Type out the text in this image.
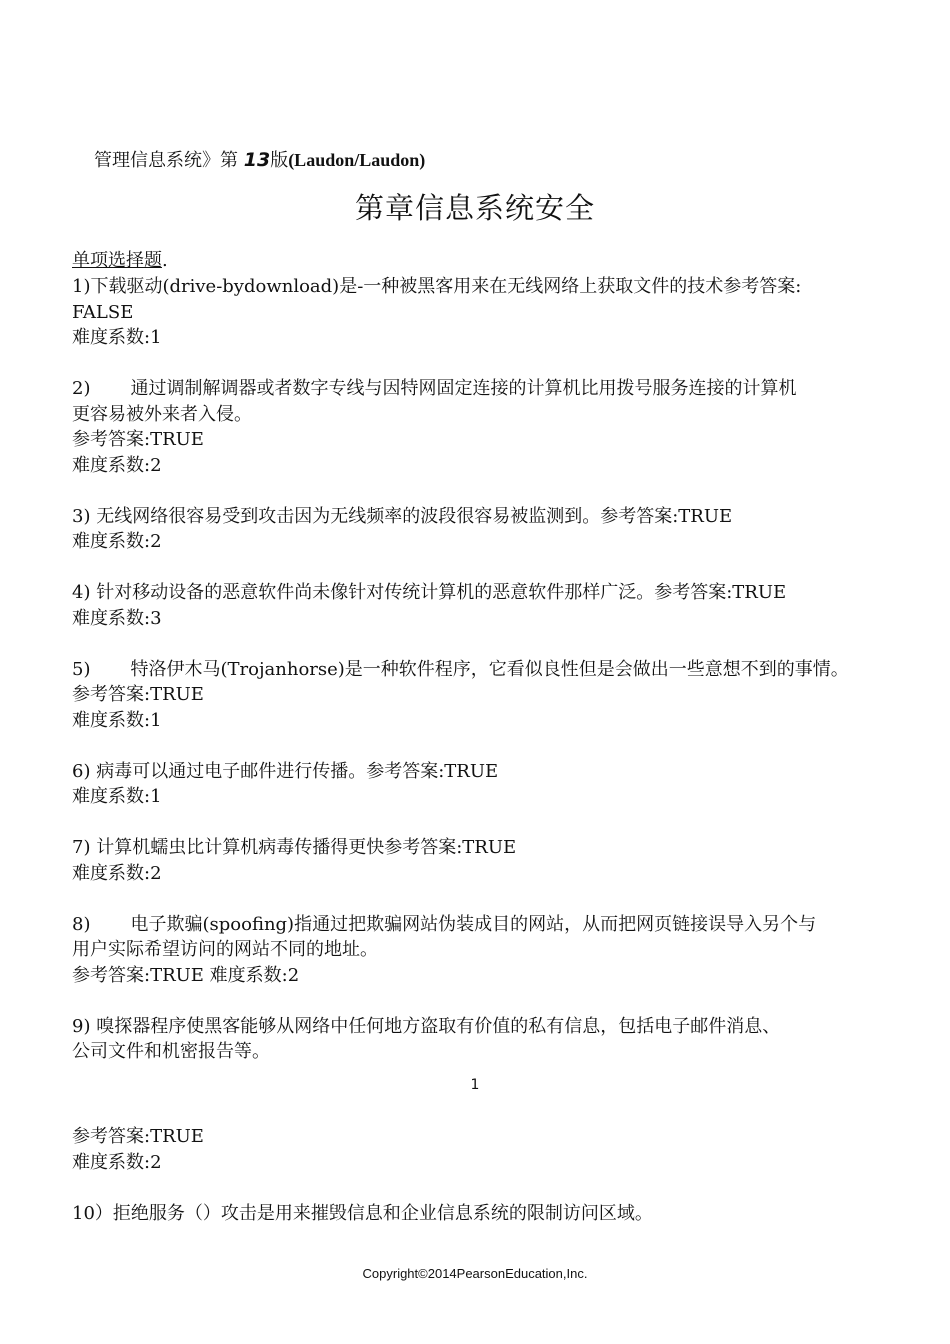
管理信息系统》第 13版(Laudon/Laudon)
第章信息系统安全
单项选择题.
1)下载驱动(drive-bydownload)是-一种被黑客用来在无线网络上获取文件的技术参考答案:
FALSE
难度系数:1
2) 通过调制解调器或者数字专线与因特网固定连接的计算机比用拨号服务连接的计算机
更容易被外来者入侵。
参考答案:TRUE
难度系数:2
3) 无线网络很容易受到攻击因为无线频率的波段很容易被监测到。参考答案:TRUE
难度系数:2
4) 针对移动设备的恶意软件尚未像针对传统计算机的恶意软件那样广泛。参考答案:TRUE
难度系数:3
5) 特洛伊木马(Trojanhorse)是一种软件程序，它看似良性但是会做出一些意想不到的事情。
参考答案:TRUE
难度系数:1
6) 病毒可以通过电子邮件进行传播。参考答案:TRUE
难度系数:1
7) 计算机蠕虫比计算机病毒传播得更快参考答案:TRUE
难度系数:2
8) 电子欺骗(spoofing)指通过把欺骗网站伪装成目的网站，从而把网页链接误导入另个与
用户实际希望访问的网站不同的地址。
参考答案:TRUE 难度系数:2
9) 嗅探器程序使黑客能够从网络中任何地方盗取有价值的私有信息，包括电子邮件消息、
公司文件和机密报告等。
1
参考答案:TRUE
难度系数:2
10）拒绝服务（）攻击是用来摧毁信息和企业信息系统的限制访问区域。
Copyright©2014PearsonEducation,Inc.
